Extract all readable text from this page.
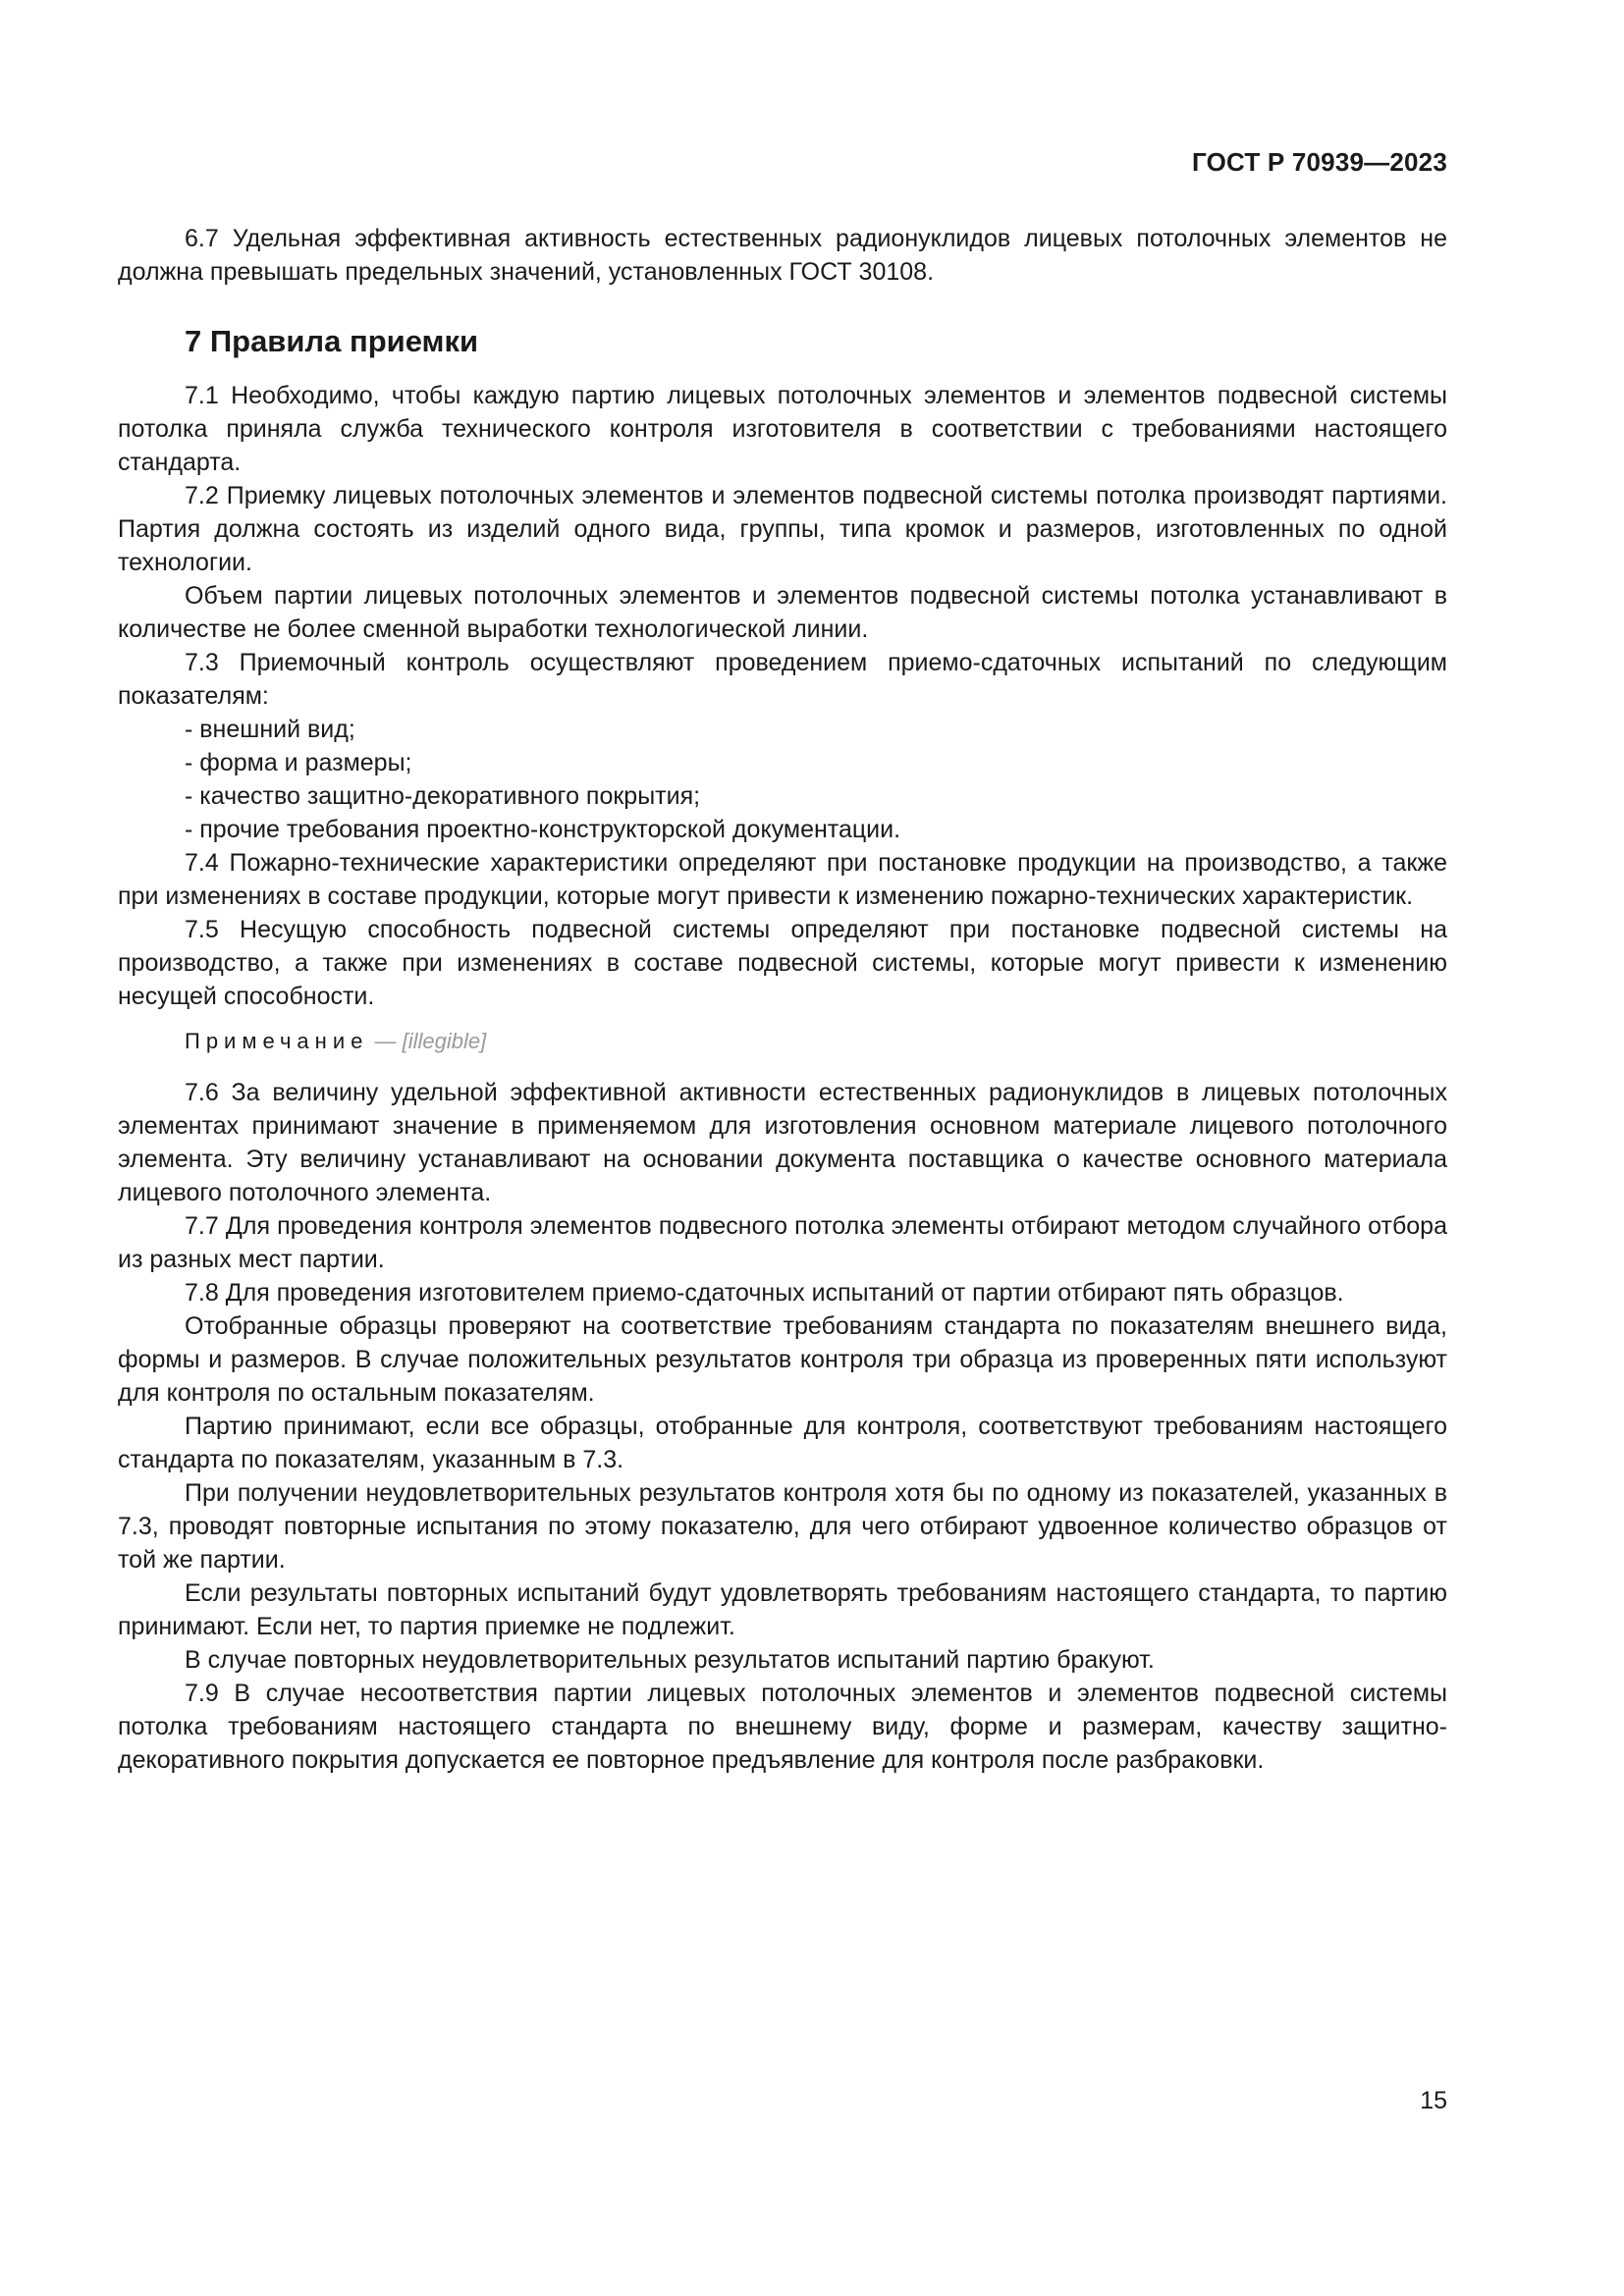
ГОСТ Р 70939—2023

6.7 Удельная эффективная активность естественных радионуклидов лицевых потолочных элементов не должна превышать предельных значений, установленных ГОСТ 30108.

7 Правила приемки

7.1 Необходимо, чтобы каждую партию лицевых потолочных элементов и элементов подвесной системы потолка приняла служба технического контроля изготовителя в соответствии с требованиями настоящего стандарта.

7.2 Приемку лицевых потолочных элементов и элементов подвесной системы потолка производят партиями. Партия должна состоять из изделий одного вида, группы, типа кромок и размеров, изготовленных по одной технологии.

Объем партии лицевых потолочных элементов и элементов подвесной системы потолка устанавливают в количестве не более сменной выработки технологической линии.

7.3 Приемочный контроль осуществляют проведением приемо-сдаточных испытаний по следующим показателям:

- внешний вид;
- форма и размеры;
- качество защитно-декоративного покрытия;
- прочие требования проектно-конструкторской документации.

7.4 Пожарно-технические характеристики определяют при постановке продукции на производство, а также при изменениях в составе продукции, которые могут привести к изменению пожарно-технических характеристик.

7.5 Несущую способность подвесной системы определяют при постановке подвесной системы на производство, а также при изменениях в составе подвесной системы, которые могут привести к изменению несущей способности.

Примечание — [illegible]

7.6 За величину удельной эффективной активности естественных радионуклидов в лицевых потолочных элементах принимают значение в применяемом для изготовления основном материале лицевого потолочного элемента. Эту величину устанавливают на основании документа поставщика о качестве основного материала лицевого потолочного элемента.

7.7 Для проведения контроля элементов подвесного потолка элементы отбирают методом случайного отбора из разных мест партии.

7.8 Для проведения изготовителем приемо-сдаточных испытаний от партии отбирают пять образцов.

Отобранные образцы проверяют на соответствие требованиям стандарта по показателям внешнего вида, формы и размеров. В случае положительных результатов контроля три образца из проверенных пяти используют для контроля по остальным показателям.

Партию принимают, если все образцы, отобранные для контроля, соответствуют требованиям настоящего стандарта по показателям, указанным в 7.3.

При получении неудовлетворительных результатов контроля хотя бы по одному из показателей, указанных в 7.3, проводят повторные испытания по этому показателю, для чего отбирают удвоенное количество образцов от той же партии.

Если результаты повторных испытаний будут удовлетворять требованиям настоящего стандарта, то партию принимают. Если нет, то партия приемке не подлежит.

В случае повторных неудовлетворительных результатов испытаний партию бракуют.

7.9 В случае несоответствия партии лицевых потолочных элементов и элементов подвесной системы потолка требованиям настоящего стандарта по внешнему виду, форме и размерам, качеству защитно-декоративного покрытия допускается ее повторное предъявление для контроля после разбраковки.

15
